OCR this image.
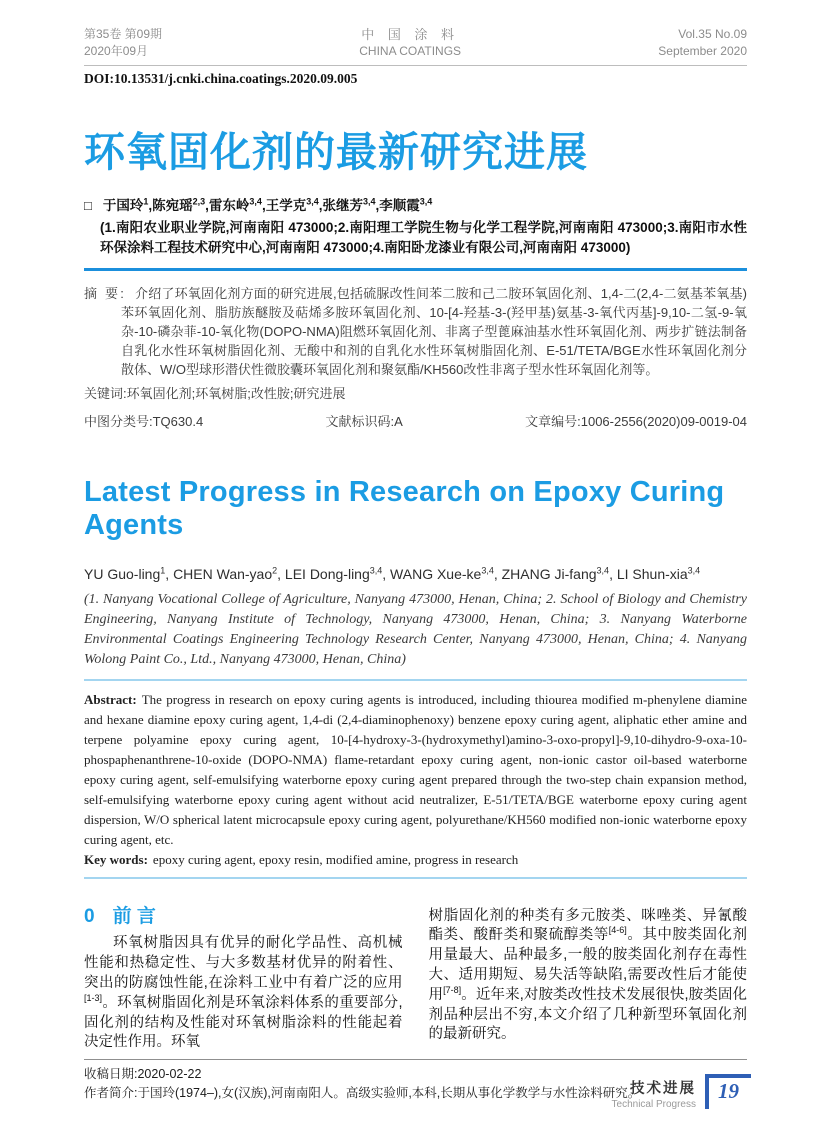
第35卷 第09期
2020年09月
中 国 涂 料
CHINA COATINGS
Vol.35 No.09
September 2020
DOI:10.13531/j.cnki.china.coatings.2020.09.005
环氧固化剂的最新研究进展

□ 于国玲$^1$,陈宛瑶$^{2,3}$,雷东岭$^{3,4}$,王学克$^{3,4}$,张继芳$^{3,4}$,李顺霞$^{3,4}$

(1.南阳农业职业学院,河南南阳 473000;2.南阳理工学院生物与化学工程学院,河南南阳 473000;3.南阳市水性环保涂料工程技术研究中心,河南南阳 473000;4.南阳卧龙漆业有限公司,河南南阳 473000)

摘 要: 介绍了环氧固化剂方面的研究进展,包括硫脲改性间苯二胺和己二胺环氧固化剂、1,4-二(2,4-二氨基苯氧基)苯环氧固化剂、脂肪族醚胺及萜烯多胺环氧固化剂、10-[4-羟基-3-(羟甲基)氨基-3-氧代丙基]-9,10-二氢-9-氧杂-10-磷杂菲-10-氧化物(DOPO-NMA)阻燃环氧固化剂、非离子型蓖麻油基水性环氧固化剂、两步扩链法制备自乳化水性环氧树脂固化剂、无酸中和剂的自乳化水性环氧树脂固化剂、E-51/TETA/BGE水性环氧固化剂分散体、W/O型球形潜伏性微胶囊环氧固化剂和聚氨酯/KH560改性非离子型水性环氧固化剂等。

关键词:环氧固化剂;环氧树脂;改性胺;研究进展

中图分类号:TQ630.4	文献标识码:A	文章编号:1006-2556(2020)09-0019-04
Latest Progress in Research on Epoxy Curing Agents

YU Guo-ling$^1$, CHEN Wan-yao$^2$, LEI Dong-ling$^{3,4}$, WANG Xue-ke$^{3,4}$, ZHANG Ji-fang$^{3,4}$, LI Shun-xia$^{3,4}$

(1. Nanyang Vocational College of Agriculture, Nanyang 473000, Henan, China; 2. School of Biology and Chemistry Engineering, Nanyang Institute of Technology, Nanyang 473000, Henan, China; 3. Nanyang Waterborne Environmental Coatings Engineering Technology Research Center, Nanyang 473000, Henan, China; 4. Nanyang Wolong Paint Co., Ltd., Nanyang 473000, Henan, China)

Abstract: The progress in research on epoxy curing agents is introduced, including thiourea modified m-phenylene diamine and hexane diamine epoxy curing agent, 1,4-di (2,4-diaminophenoxy) benzene epoxy curing agent, aliphatic ether amine and terpene polyamine epoxy curing agent, 10-[4-hydroxy-3-(hydroxymethyl)amino-3-oxo-propyl]-9,10-dihydro-9-oxa-10-phospaphenanthrene-10-oxide (DOPO-NMA) flame-retardant epoxy curing agent, non-ionic castor oil-based waterborne epoxy curing agent, self-emulsifying waterborne epoxy curing agent prepared through the two-step chain expansion method, self-emulsifying waterborne epoxy curing agent without acid neutralizer, E-51/TETA/BGE waterborne epoxy curing agent dispersion, W/O spherical latent microcapsule epoxy curing agent, polyurethane/KH560 modified non-ionic waterborne epoxy curing agent, etc.

Key words: epoxy curing agent, epoxy resin, modified amine, progress in research

0 前 言

环氧树脂因具有优异的耐化学品性、高机械性能和热稳定性、与大多数基材优异的附着性、突出的防腐蚀性能,在涂料工业中有着广泛的应用[1-3]。环氧树脂固化剂是环氧涂料体系的重要部分,固化剂的结构及性能对环氧树脂涂料的性能起着决定性作用。环氧

树脂固化剂的种类有多元胺类、咪唑类、异氰酸酯类、酸酐类和聚硫醇类等[4-6]。其中胺类固化剂用量最大、品种最多,一般的胺类固化剂存在毒性大、适用期短、易失活等缺陷,需要改性后才能使用[7-8]。近年来,对胺类改性技术发展很快,胺类固化剂品种层出不穷,本文介绍了几种新型环氧固化剂的最新研究。

收稿日期:2020-02-22
作者简介:于国玲(1974–),女(汉族),河南南阳人。高级实验师,本科,长期从事化学教学与水性涂料研究。
技术进展
Technical Progress
19
